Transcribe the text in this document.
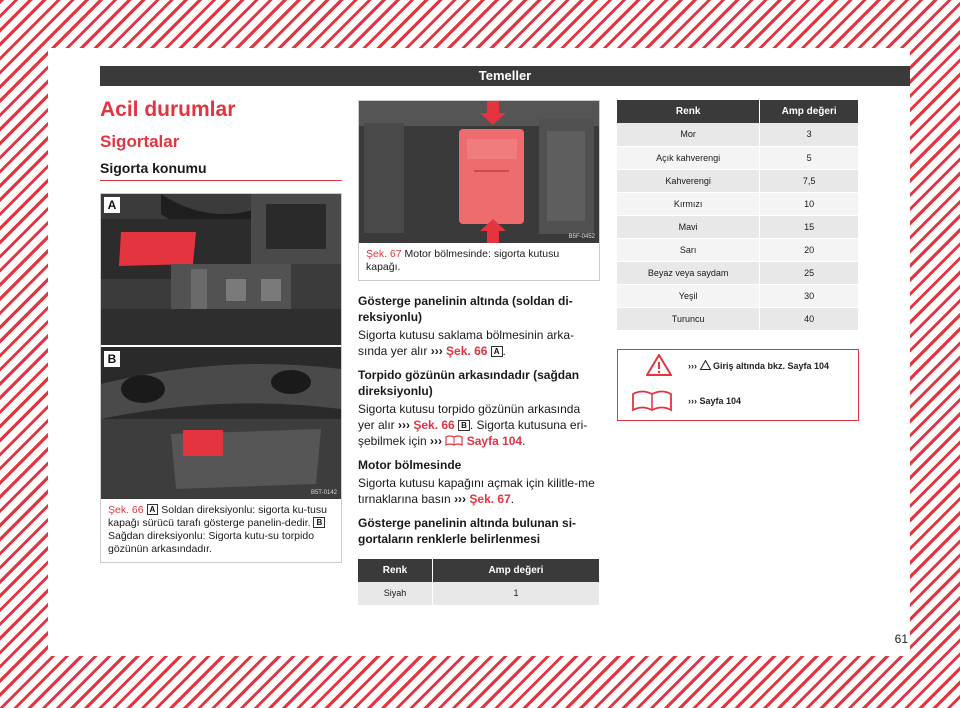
Temeller
Acil durumlar
Sigortalar
Sigorta konumu
A
B
B5T-0142
Şek. 66 A Soldan direksiyonlu: sigorta ku-tusu kapağı sürücü tarafı gösterge panelin-dedir. B Sağdan direksiyonlu: Sigorta kutu-su torpido gözünün arkasındadır.
B5F-0452
Şek. 67 Motor bölmesinde: sigorta kutusu kapağı.
Gösterge panelinin altında (soldan di-reksiyonlu)
Sigorta kutusu saklama bölmesinin arka-sında yer alır ››› Şek. 66 A .
Torpido gözünün arkasındadır (sağdan direksiyonlu)
Sigorta kutusu torpido gözünün arkasında yer alır ››› Şek. 66 B . Sigorta kutusuna eri-şebilmek için ››› Sayfa 104.
Motor bölmesinde
Sigorta kutusu kapağını açmak için kilitle-me tırnaklarına basın ››› Şek. 67.
Gösterge panelinin altında bulunan si-gortaların renklerle belirlenmesi
Renk	Amp değeri
Siyah	1
Renk	Amp değeri
Mor	3
Açık kahverengi	5
Kahverengi	7,5
Kırmızı	10
Mavi	15
Sarı	20
Beyaz veya saydam	25
Yeşil	30
Turuncu	40
›››  Giriş altında bkz. Sayfa 104
››› Sayfa 104
61
